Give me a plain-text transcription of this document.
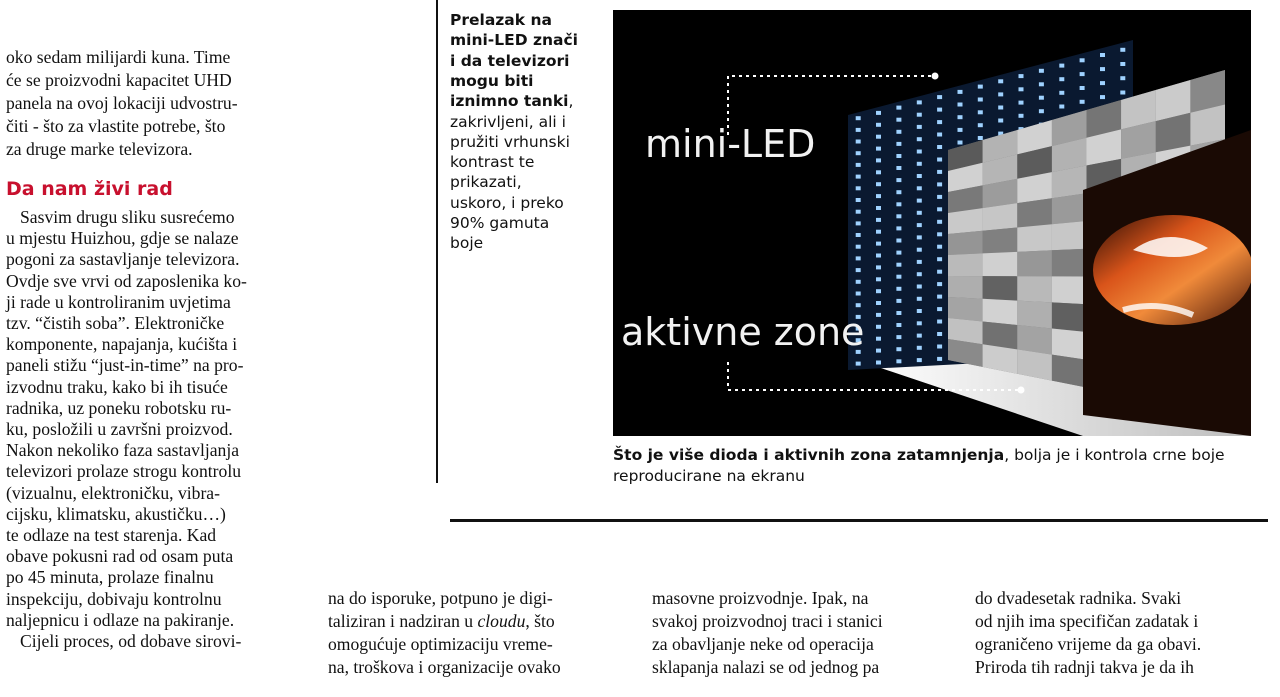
oko sedam milijardi kuna. Time
će se proizvodni kapacitet UHD
panela na ovoj lokaciji udvostru-
čiti - što za vlastite potrebe, što
za druge marke televizora.
Da nam živi rad
Sasvim drugu sliku susrećemo
u mjestu Huizhou, gdje se nalaze
pogoni za sastavljanje televizora.
Ovdje sve vrvi od zaposlenika ko-
ji rade u kontroliranim uvjetima
tzv. “čistih soba”. Elektroničke
komponente, napajanja, kućišta i
paneli stižu “just-in-time” na pro-
izvodnu traku, kako bi ih tisuće
radnika, uz poneku robotsku ru-
ku, posložili u završni proizvod.
Nakon nekoliko faza sastavljanja
televizori prolaze strogu kontrolu
(vizualnu, elektroničku, vibra-
cijsku, klimatsku, akustičku…)
te odlaze na test starenja. Kad
obave pokusni rad od osam puta
po 45 minuta, prolaze finalnu
inspekciju, dobivaju kontrolnu
naljepnicu i odlaze na pakiranje.
Cijeli proces, od dobave sirovi-
Prelazak na
mini-LED znači
i da televizori
mogu biti
iznimno tanki,
zakrivljeni, ali i
pružiti vrhunski
kontrast te
prikazati,
uskoro, i preko
90% gamuta
boje
mini-LED
aktivne zone
Što je više dioda i aktivnih zona zatamnjenja, bolja je i kontrola crne boje
reproducirane na ekranu
na do isporuke, potpuno je digi-
taliziran i nadziran u cloudu, što
omogućuje optimizaciju vreme-
na, troškova i organizacije ovako
masovne proizvodnje. Ipak, na
svakoj proizvodnoj traci i stanici
za obavljanje neke od operacija
sklapanja nalazi se od jednog pa
do dvadesetak radnika. Svaki
od njih ima specifičan zadatak i
ograničeno vrijeme da ga obavi.
Priroda tih radnji takva je da ih
